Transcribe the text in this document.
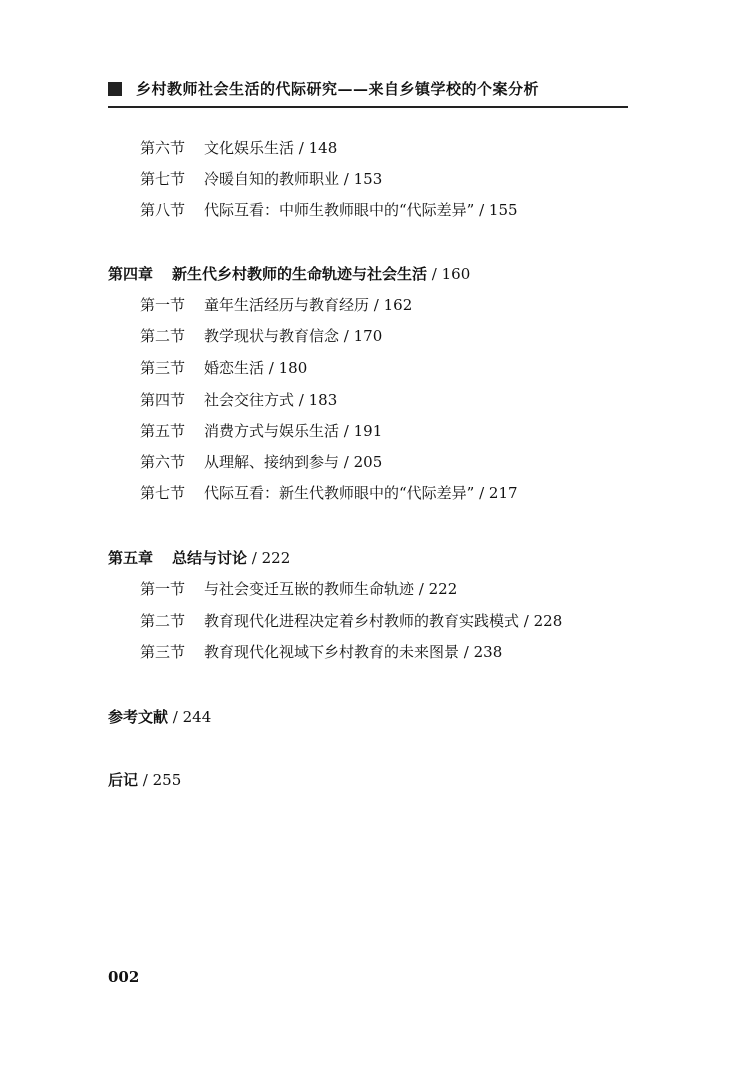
乡村教师社会生活的代际研究——来自乡镇学校的个案分析
第六节 文化娱乐生活 / 148
第七节 冷暖自知的教师职业 / 153
第八节 代际互看：中师生教师眼中的“代际差异” / 155
第四章 新生代乡村教师的生命轨迹与社会生活 / 160
第一节 童年生活经历与教育经历 / 162
第二节 教学现状与教育信念 / 170
第三节 婚恋生活 / 180
第四节 社会交往方式 / 183
第五节 消费方式与娱乐生活 / 191
第六节 从理解、接纳到参与 / 205
第七节 代际互看：新生代教师眼中的“代际差异” / 217
第五章 总结与讨论 / 222
第一节 与社会变迁互嵌的教师生命轨迹 / 222
第二节 教育现代化进程决定着乡村教师的教育实践模式 / 228
第三节 教育现代化视域下乡村教育的未来图景 / 238
参考文献 / 244
后记 / 255
002
